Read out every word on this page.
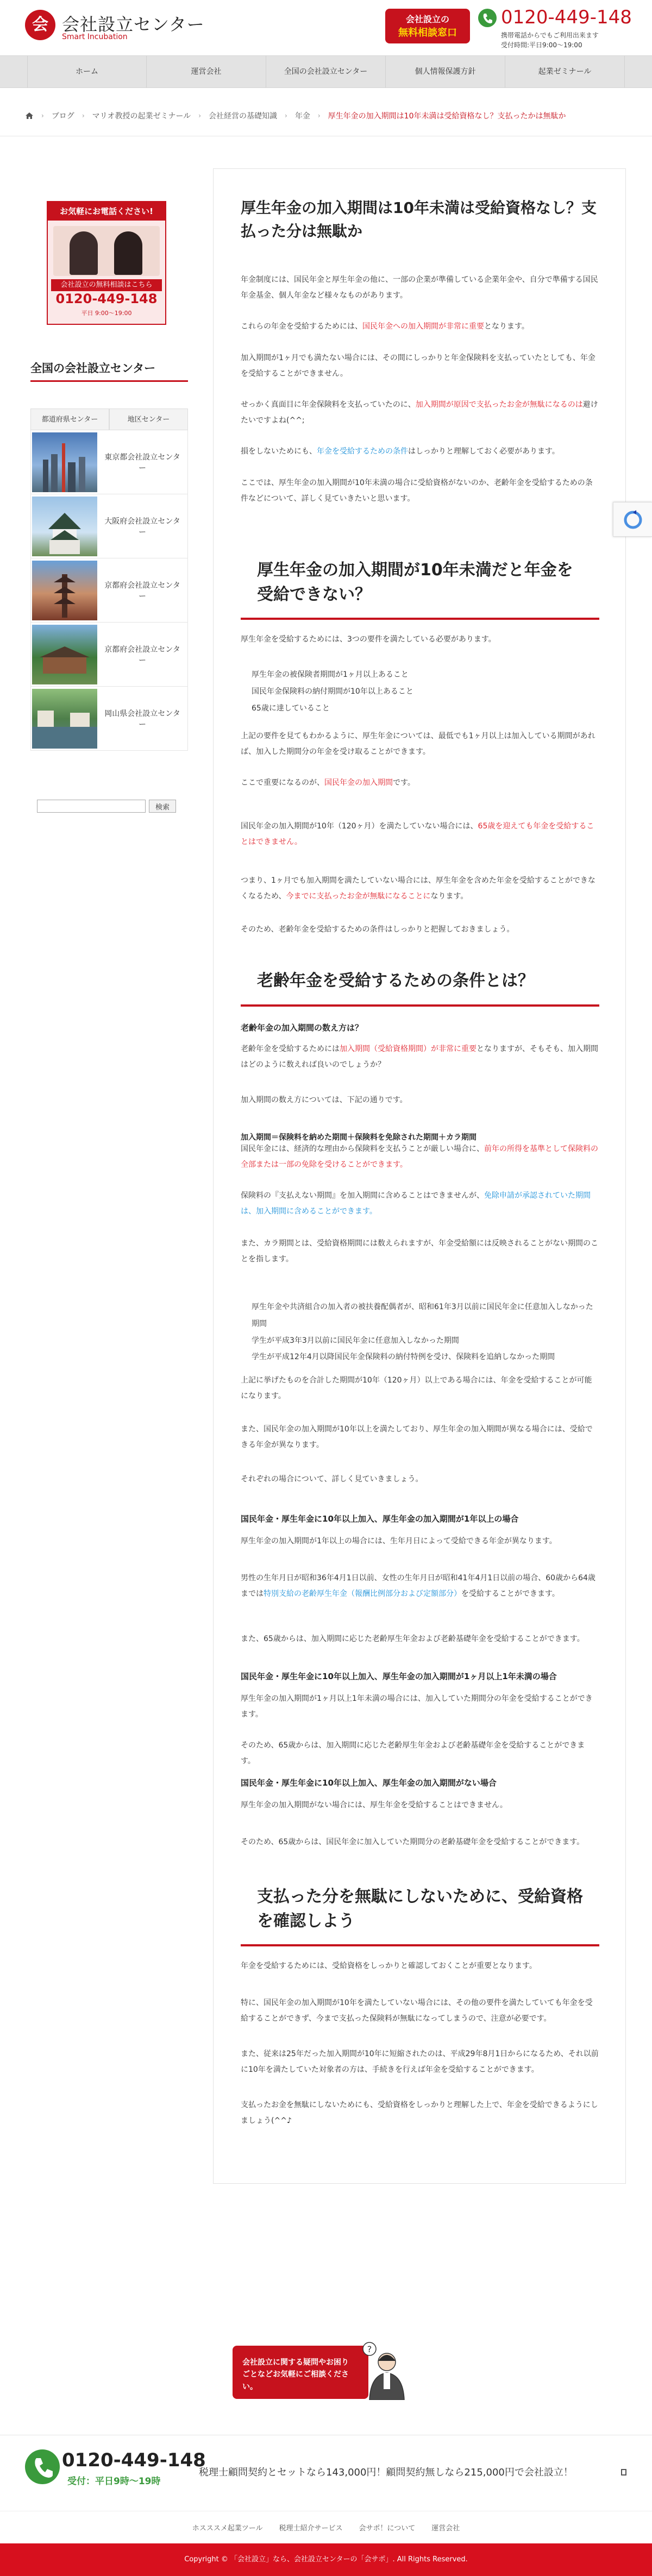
会 会社設立センター
Smart Incubation
会社設立の
無料相談窓口
0120-449-148
携帯電話からでもご利用出来ます
受付時間:平日9:00～19:00
ホーム	運営会社	全国の会社設立センター	個人情報保護方針	起業ゼミナール
› ブログ › マリオ教授の起業ゼミナール › 会社経営の基礎知識 › 年金 › 厚生年金の加入期間は10年未満は受給資格なし？支払ったかは無駄か
お気軽にお電話ください!
会社設立の無料相談はこちら
0120-449-148
平日 9:00～19:00
全国の会社設立センター
都道府県センター	地区センター
東京都会社設立センター
大阪府会社設立センター
京都府会社設立センター
京都府会社設立センター
岡山県会社設立センター
検索
厚生年金の加入期間は10年未満は受給資格なし？支払った分は無駄か

年金制度には、国民年金と厚生年金の他に、一部の企業が準備している企業年金や、自分で準備する国民年金基金、個人年金など様々なものがあります。

これらの年金を受給するためには、国民年金への加入期間が非常に重要となります。

加入期間が1ヶ月でも満たない場合には、その間にしっかりと年金保険料を支払っていたとしても、年金を受給することができません。

せっかく真面目に年金保険料を支払っていたのに、加入期間が原因で支払ったお金が無駄になるのは避けたいですよね(^^;

損をしないためにも、年金を受給するための条件はしっかりと理解しておく必要があります。

ここでは、厚生年金の加入期間が10年未満の場合に受給資格がないのか、老齢年金を受給するための条件などについて、詳しく見ていきたいと思います。

厚生年金の加入期間が10年未満だと年金を受給できない？

厚生年金を受給するためには、3つの要件を満たしている必要があります。

厚生年金の被保険者期間が1ヶ月以上あること
国民年金保険料の納付期間が10年以上あること
65歳に達していること

上記の要件を見てもわかるように、厚生年金については、最低でも1ヶ月以上は加入している期間があれば、加入した期間分の年金を受け取ることができます。

ここで重要になるのが、国民年金の加入期間です。

国民年金の加入期間が10年（120ヶ月）を満たしていない場合には、65歳を迎えても年金を受給することはできません。

つまり、1ヶ月でも加入期間を満たしていない場合には、厚生年金を含めた年金を受給することができなくなるため、今までに支払ったお金が無駄になることになります。

そのため、老齢年金を受給するための条件はしっかりと把握しておきましょう。

老齢年金を受給するための条件とは？
老齢年金の加入期間の数え方は？

老齢年金を受給するためには加入期間（受給資格期間）が非常に重要となりますが、そもそも、加入期間はどのように数えれば良いのでしょうか？

加入期間の数え方については、下記の通りです。

加入期間＝保険料を納めた期間＋保険料を免除された期間＋カラ期間

国民年金には、経済的な理由から保険料を支払うことが厳しい場合に、前年の所得を基準として保険料の全部または一部の免除を受けることができます。

保険料の『支払えない期間』を加入期間に含めることはできませんが、免除申請が承認されていた期間は、加入期間に含めることができます。

また、カラ期間とは、受給資格期間には数えられますが、年金受給額には反映されることがない期間のことを指します。

厚生年金や共済組合の加入者の被扶養配偶者が、昭和61年3月以前に国民年金に任意加入しなかった期間
学生が平成3年3月以前に国民年金に任意加入しなかった期間
学生が平成12年4月以降国民年金保険料の納付特例を受け、保険料を追納しなかった期間

上記に挙げたものを合計した期間が10年（120ヶ月）以上である場合には、年金を受給することが可能になります。

また、国民年金の加入期間が10年以上を満たしており、厚生年金の加入期間が異なる場合には、受給できる年金が異なります。

それぞれの場合について、詳しく見ていきましょう。

国民年金・厚生年金に10年以上加入、厚生年金の加入期間が1年以上の場合

厚生年金の加入期間が1年以上の場合には、生年月日によって受給できる年金が異なります。

男性の生年月日が昭和36年4月1日以前、女性の生年月日が昭和41年4月1日以前の場合、60歳から64歳までは特別支給の老齢厚生年金（報酬比例部分および定額部分）を受給することができます。

また、65歳からは、加入期間に応じた老齢厚生年金および老齢基礎年金を受給することができます。

国民年金・厚生年金に10年以上加入、厚生年金の加入期間が1ヶ月以上1年未満の場合

厚生年金の加入期間が1ヶ月以上1年未満の場合には、加入していた期間分の年金を受給することができます。

そのため、65歳からは、加入期間に応じた老齢厚生年金および老齢基礎年金を受給することができます。

国民年金・厚生年金に10年以上加入、厚生年金の加入期間がない場合

厚生年金の加入期間がない場合には、厚生年金を受給することはできません。

そのため、65歳からは、国民年金に加入していた期間分の老齢基礎年金を受給することができます。

支払った分を無駄にしないために、受給資格を確認しよう

年金を受給するためには、受給資格をしっかりと確認しておくことが重要となります。

特に、国民年金の加入期間が10年を満たしていない場合には、その他の要件を満たしていても年金を受給することができず、今まで支払った保険料が無駄になってしまうので、注意が必要です。

また、従来は25年だった加入期間が10年に短縮されたのは、平成29年8月1日からになるため、それ以前に10年を満たしていた対象者の方は、手続きを行えば年金を受給することができます。

支払ったお金を無駄にしないためにも、受給資格をしっかりと理解した上で、年金を受給できるようにしましょう(^^♪

会社設立に関する疑問やお困りごとなどお気軽にご相談ください。
?
0120-449-148
受付：平日9時～19時
税理士顧問契約とセットなら143,000円！顧問契約無しなら215,000円で会社設立！
ホスススメ起業ツール 税理士紹介サービス 会サポ！について 運営会社
Copyright © 「会社設立」なら、会社設立センターの「会サポ」. All Rights Reserved.
